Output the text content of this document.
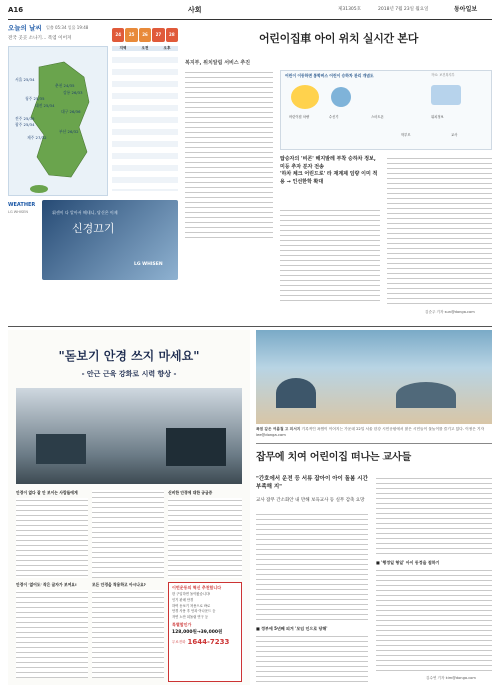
A16	사회	제31305호	2018년 7월 23일 월요일	동아일보
오늘의 날씨 일출 05:34 일몰 19:48
전국 곳곳 소나기... 폭염 이어져
서울 25/34
춘천 24/35
강릉 26/33
청주 25/35
대전 25/34
대구 26/36
전주 25/35
광주 25/34
부산 26/32
제주 27/32
지역	오전	오후
24	25	26	27	28
WEATHER
LG WHISEN	휘센이 다 알아서 해내니, 당신은 이제
신경끄기
LG WHISEN
어린이집車 아이 위치 실시간 본다
복지부, 위치알림 서비스 추진
어린이 이동하면 통학버스 어린이 승하차 관리 개념도	자료: 보건복지부
어린이집 차량	수신기	스마트폰	위치정보
학부모	교사
탑승자의 '비콘' 해지발레 부착 승하차 정보, 미등 추자 분자 전송
'하차 체크 어린드로' 라 재계제 임량 이미 적용 → 인선한학 확대
김순주 기자 sun@donga.com
"돋보기 안경 쓰지 마세요"
- 안근 근육 강화로 시력 향상 -
안경이 없다 잘 안 보이는 사람들에게	신비한 안경에 대한 궁금증
안경이 '없어도' 작은 글자가 보여요!	모든 안경을 착용하고 아시나요?
이번운동의 혁신 추천합니다
한 구입하면 돌아왔습니다!
인기 판매 안경
하여 돋보기 착용으로 바로
안경 사용 후 안과 아나운드 등
자연 노안 되돌림 연구 등
특별할인가
128,000원→39,000원
무료전화 1644-7233
폭염 같은 여름철 고 피서지 기록적인 폭염이 이어지는 가운데 22일 서울 한강 시민공원에서 많은 시민들이 물놀이를 즐기고 있다. 이정은 기자 lee@donga.com
잡무에 치여 어린이집 떠나는 교사들
"간호에서 운전 등 서류 잡아이 아이 돌봄 시간 부족해 지"
교사 잡무 간소화안 내 만해 보육교사 등 실무 감축 요망
■ 정부에 5년째 피겨 '모임 인으로 당해'
■ '행정일 형일' 아이 동정을 점하기
김수연 기자 kim@donga.com
